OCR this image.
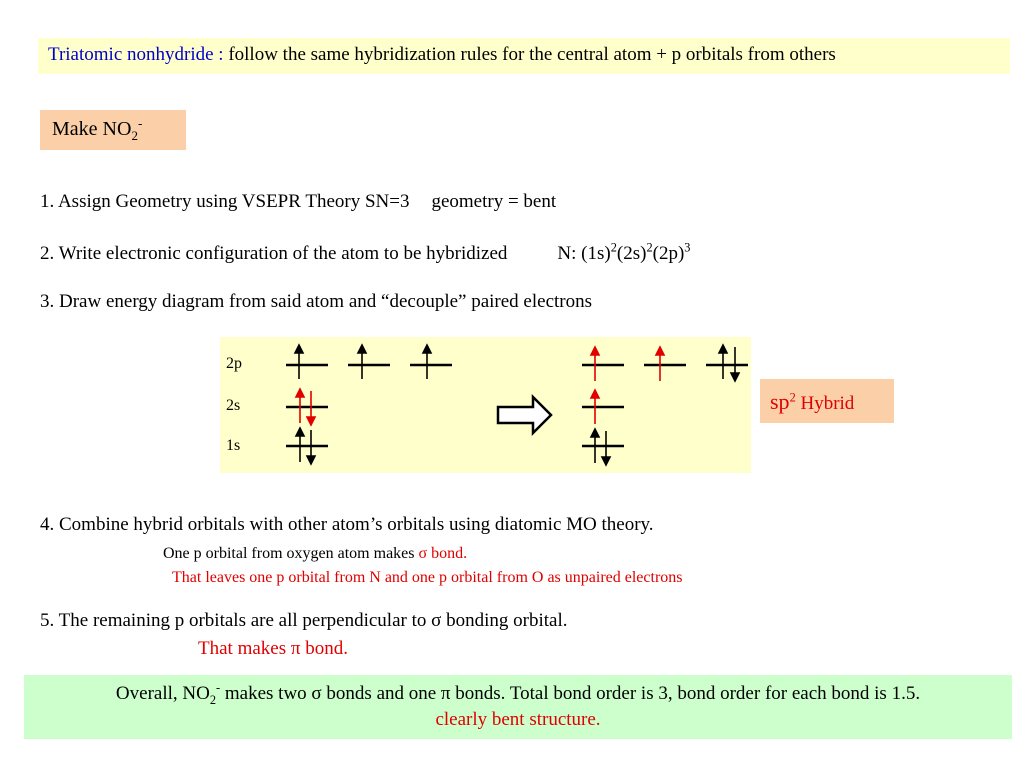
Triatomic nonhydride : follow the same hybridization rules for the central atom + p orbitals from others
Make $NO_2^-$
1. Assign Geometry using VSEPR Theory SN=3 geometry = bent
2. Write electronic configuration of the atom to be hybridized	N: $(1s)^2(2s)^2(2p)^3$
3. Draw energy diagram from said atom and “decouple” paired electrons
2p
2s
1s
$sp^2$ Hybrid
4. Combine hybrid orbitals with other atom’s orbitals using diatomic MO theory.
One p orbital from oxygen atom makes σ bond.
That leaves one p orbital from N and one p orbital from O as unpaired electrons
5. The remaining p orbitals are all perpendicular to σ bonding orbital.
That makes π bond.
Overall, $NO_2^-$ makes two σ bonds and one π bonds. Total bond order is 3, bond order for each bond is 1.5.
clearly bent structure.
